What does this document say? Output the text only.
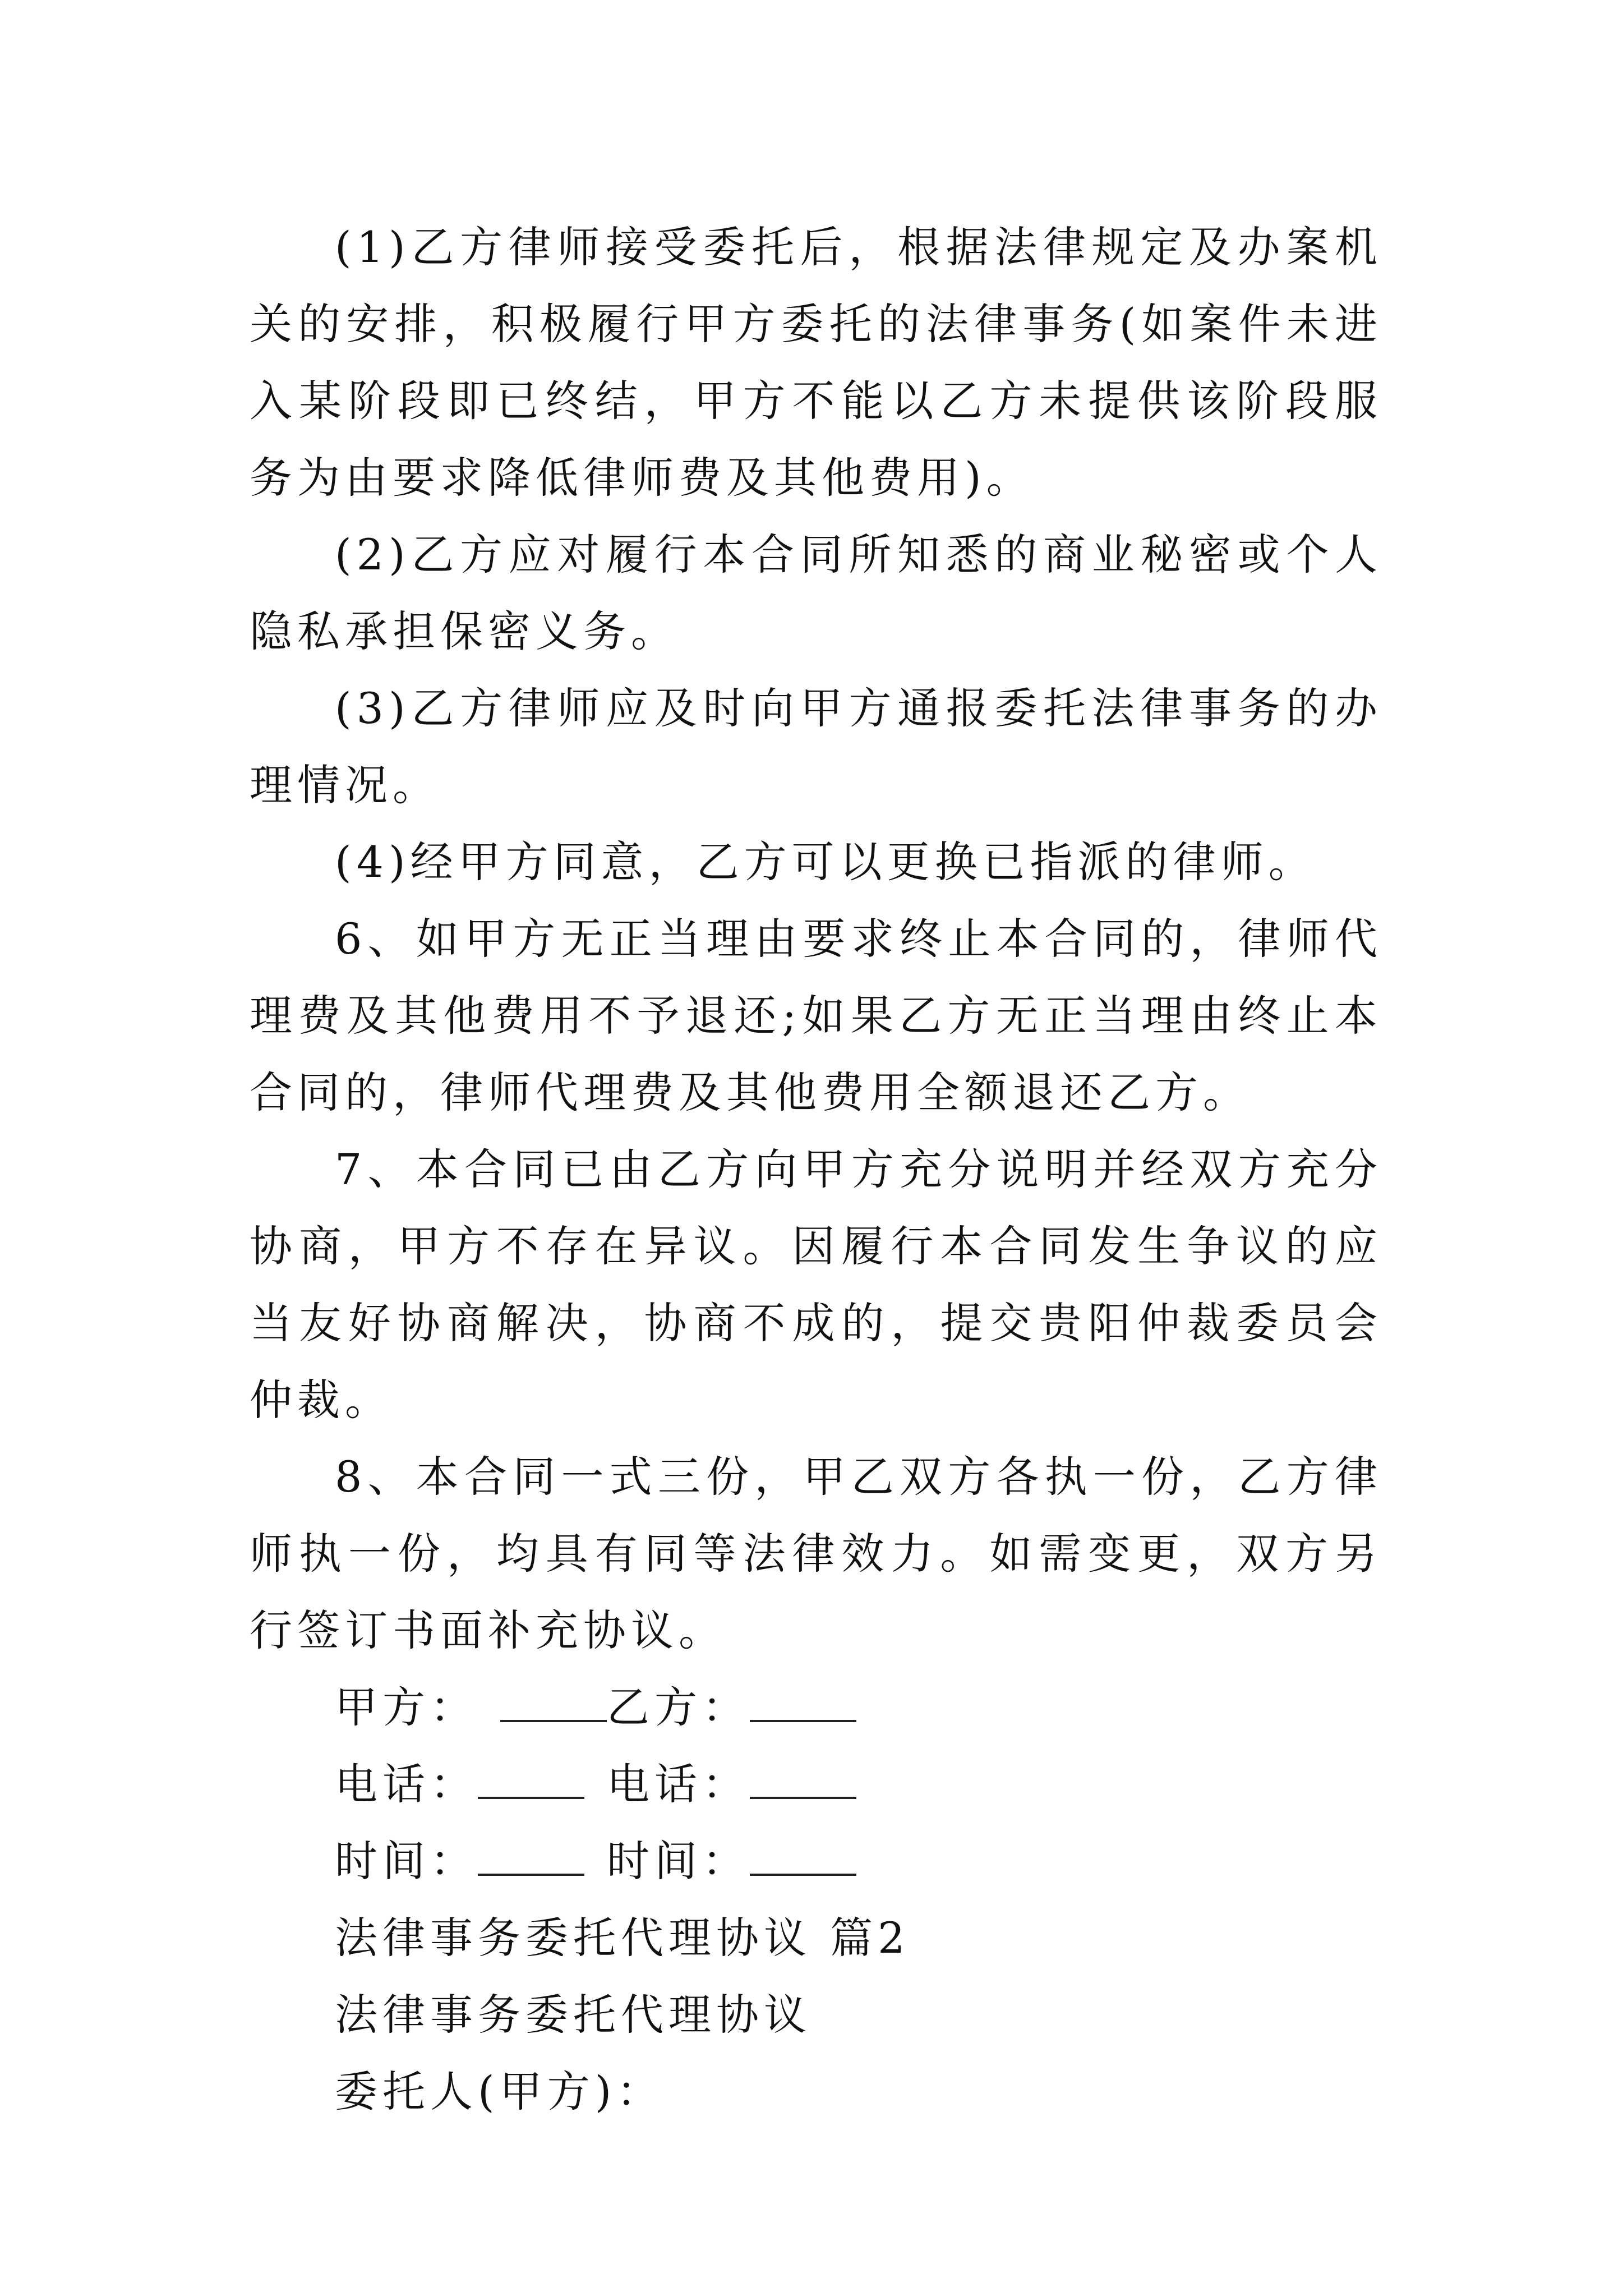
(1)乙方律师接受委托后，根据法律规定及办案机关的安排，积极履行甲方委托的法律事务(如案件未进入某阶段即已终结，甲方不能以乙方未提供该阶段服务为由要求降低律师费及其他费用)。

(2)乙方应对履行本合同所知悉的商业秘密或个人隐私承担保密义务。

(3)乙方律师应及时向甲方通报委托法律事务的办理情况。

(4)经甲方同意，乙方可以更换已指派的律师。

6、如甲方无正当理由要求终止本合同的，律师代理费及其他费用不予退还;如果乙方无正当理由终止本合同的，律师代理费及其他费用全额退还乙方。

7、本合同已由乙方向甲方充分说明并经双方充分协商，甲方不存在异议。因履行本合同发生争议的应当友好协商解决，协商不成的，提交贵阳仲裁委员会仲裁。

8、本合同一式三份，甲乙双方各执一份，乙方律师执一份，均具有同等法律效力。如需变更，双方另行签订书面补充协议。

甲方：	乙方：
电话：	电话：
时间：	时间：
法律事务委托代理协议 篇2
法律事务委托代理协议
委托人(甲方)：
